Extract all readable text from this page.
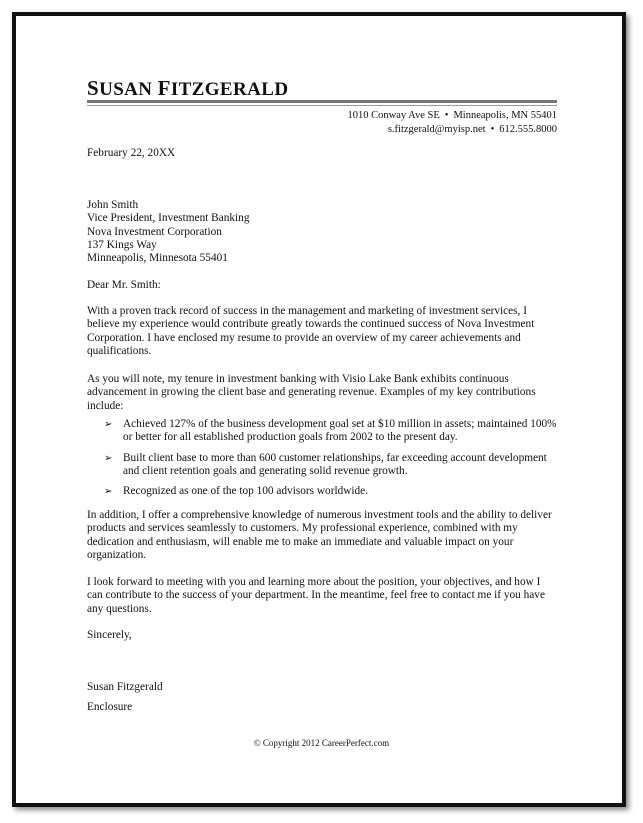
SUSAN FITZGERALD
1010 Conway Ave SE • Minneapolis, MN 55401
s.fitzgerald@myisp.net • 612.555.8000

February 22, 20XX

John Smith
Vice President, Investment Banking
Nova Investment Corporation
137 Kings Way
Minneapolis, Minnesota 55401

Dear Mr. Smith:

With a proven track record of success in the management and marketing of investment services, I believe my experience would contribute greatly towards the continued success of Nova Investment Corporation. I have enclosed my resume to provide an overview of my career achievements and qualifications.

As you will note, my tenure in investment banking with Visio Lake Bank exhibits continuous advancement in growing the client base and generating revenue. Examples of my key contributions include:

➢ Achieved 127% of the business development goal set at $10 million in assets; maintained 100% or better for all established production goals from 2002 to the present day.
➢ Built client base to more than 600 customer relationships, far exceeding account development and client retention goals and generating solid revenue growth.
➢ Recognized as one of the top 100 advisors worldwide.

In addition, I offer a comprehensive knowledge of numerous investment tools and the ability to deliver products and services seamlessly to customers. My professional experience, combined with my dedication and enthusiasm, will enable me to make an immediate and valuable impact on your organization.

I look forward to meeting with you and learning more about the position, your objectives, and how I can contribute to the success of your department. In the meantime, feel free to contact me if you have any questions.

Sincerely,

Susan Fitzgerald

Enclosure

© Copyright 2012 CareerPerfect.com
